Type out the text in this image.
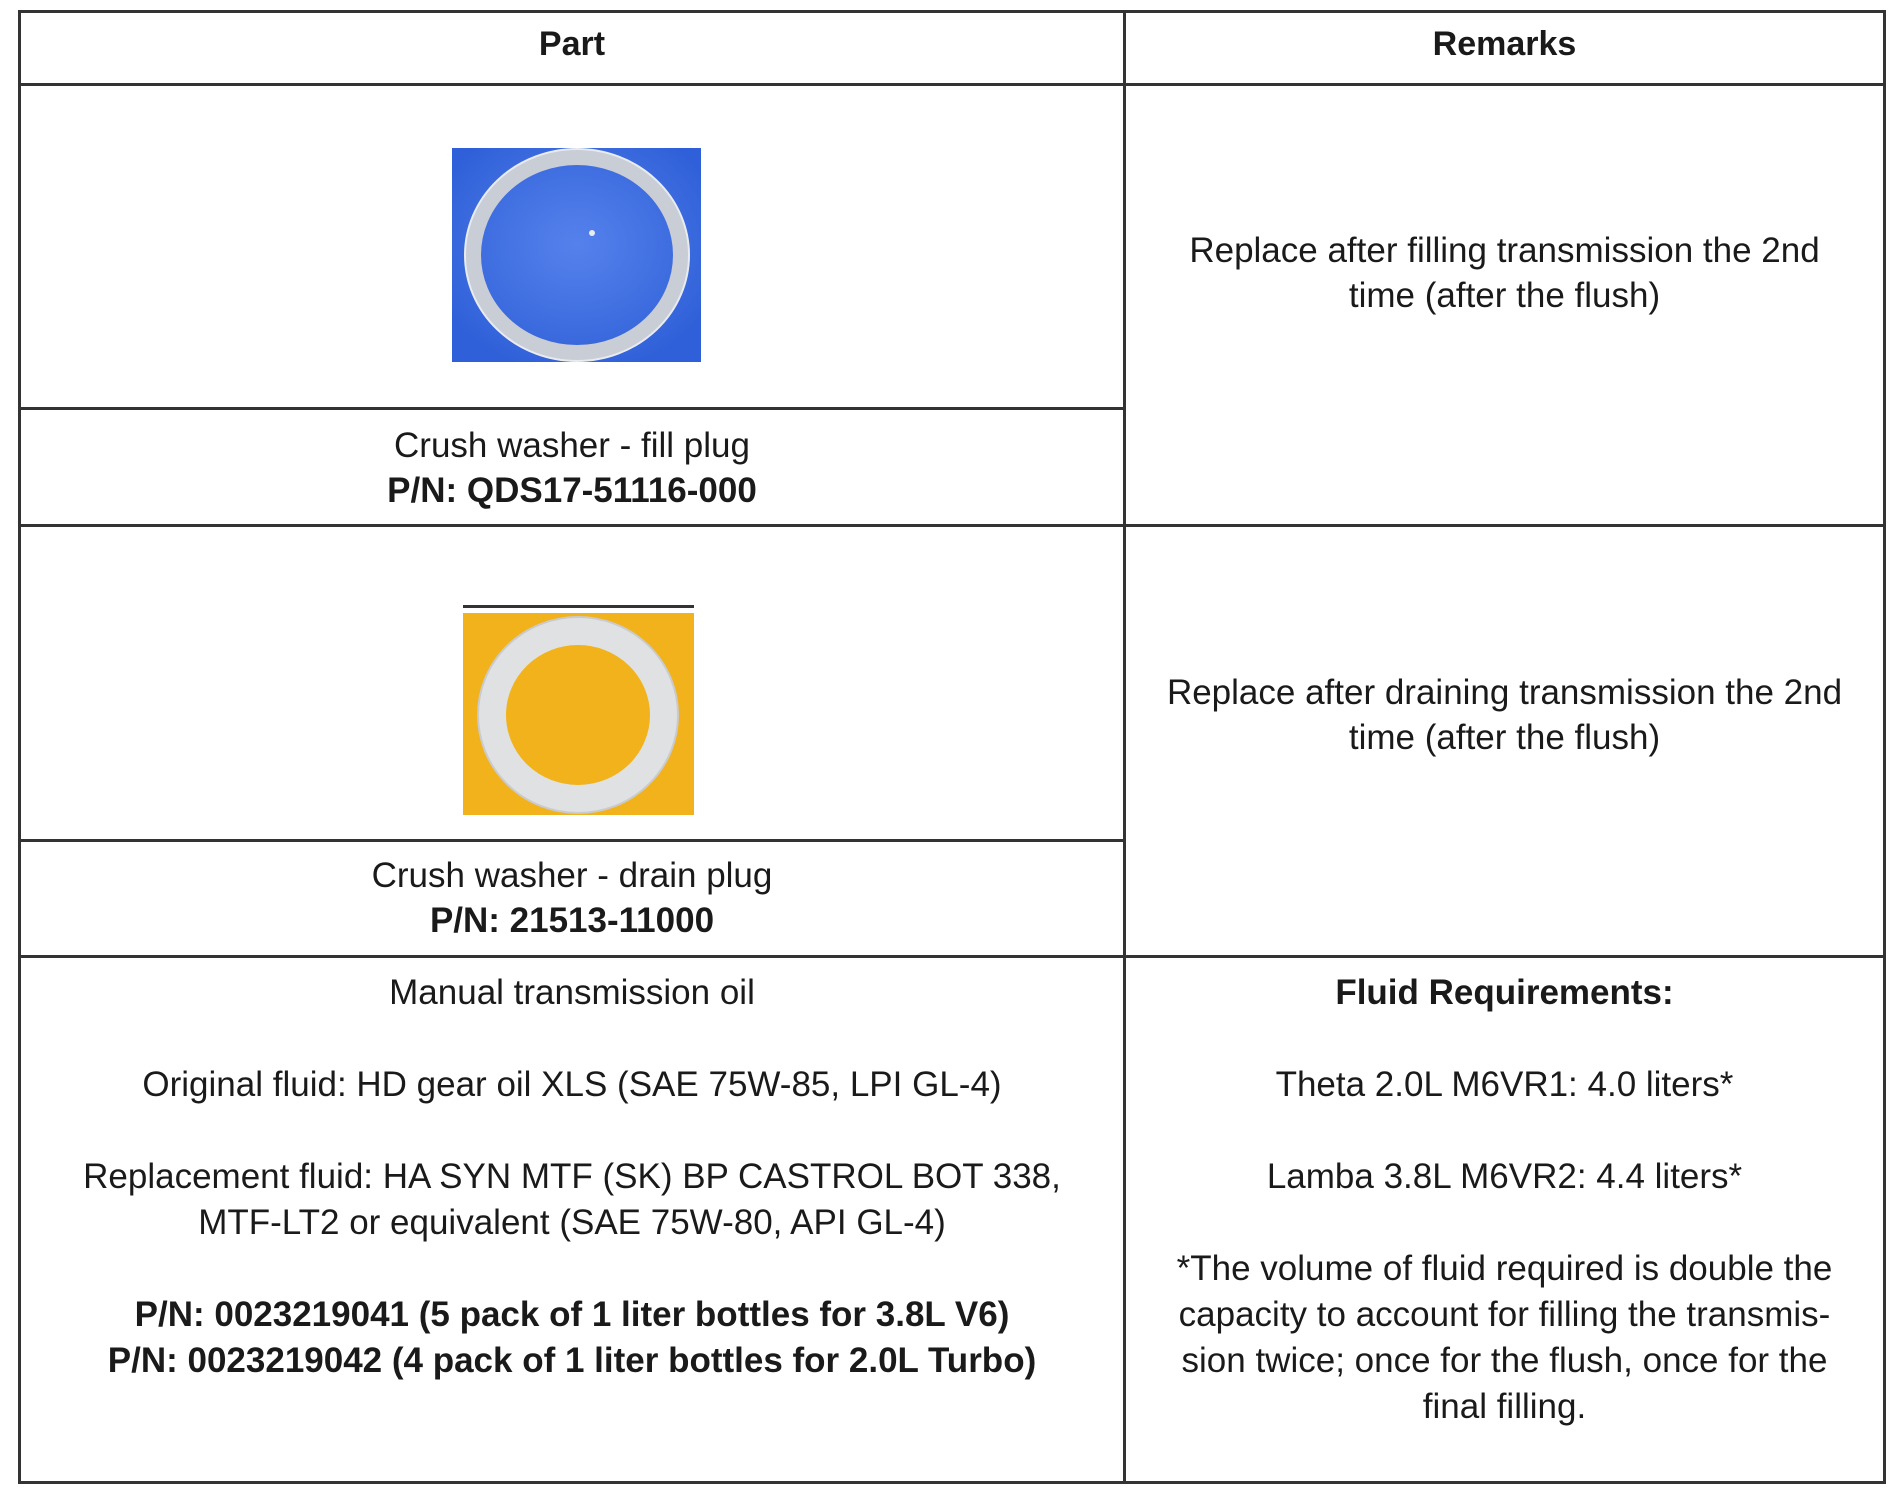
Part	Remarks
Crush washer - fill plug
P/N: QDS17-51116-000
Replace after filling transmission the 2nd
time (after the flush)
Crush washer - drain plug
P/N: 21513-11000
Replace after draining transmission the 2nd
time (after the flush)
Manual transmission oil
Original fluid: HD gear oil XLS (SAE 75W-85, LPI GL-4)
Replacement fluid: HA SYN MTF (SK) BP CASTROL BOT 338,
MTF-LT2 or equivalent (SAE 75W-80, API GL-4)
P/N: 0023219041 (5 pack of 1 liter bottles for 3.8L V6)
P/N: 0023219042 (4 pack of 1 liter bottles for 2.0L Turbo)
Fluid Requirements:
Theta 2.0L M6VR1: 4.0 liters*
Lamba 3.8L M6VR2: 4.4 liters*
*The volume of fluid required is double the
capacity to account for filling the transmis-
sion twice; once for the flush, once for the
final filling.
